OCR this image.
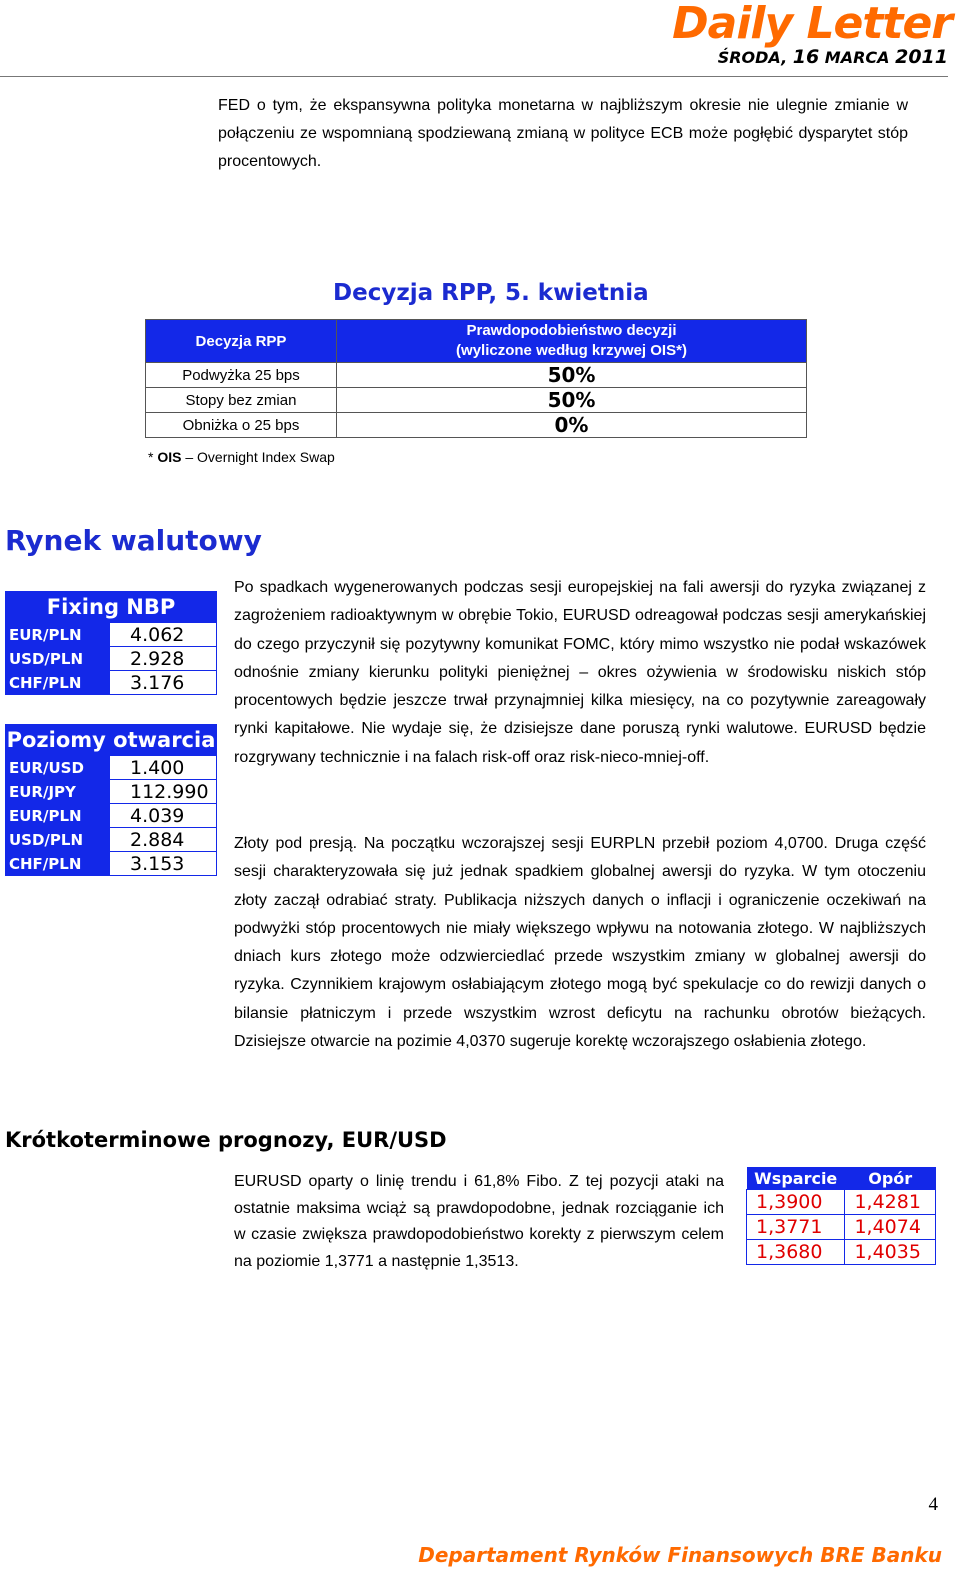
Daily Letter
ŚRODA, 16 MARCA 2011
FED o tym, że ekspansywna polityka monetarna w najbliższym okresie nie ulegnie zmianie w połączeniu ze wspomnianą spodziewaną zmianą w polityce ECB może pogłębić dysparytet stóp procentowych.
Decyzja RPP, 5. kwietnia
Decyzja RPP	Prawdopodobieństwo decyzji
(wyliczone według krzywej OIS*)

Podwyżka 25 bps	50%
Stopy bez zmian	50%
Obniżka o 25 bps	0%
* OIS – Overnight Index Swap
Rynek walutowy
Fixing NBP	
EUR/PLN	4.062
USD/PLN	2.928
CHF/PLN	3.176
Poziomy otwarcia	
EUR/USD	1.400
EUR/JPY	112.990
EUR/PLN	4.039
USD/PLN	2.884
CHF/PLN	3.153
Po spadkach wygenerowanych podczas sesji europejskiej na fali awersji do ryzyka związanej z zagrożeniem radioaktywnym w obrębie Tokio, EURUSD odreagował podczas sesji amerykańskiej do czego przyczynił się pozytywny komunikat FOMC, który mimo wszystko nie podał wskazówek odnośnie zmiany kierunku polityki pieniężnej – okres ożywienia w środowisku niskich stóp procentowych będzie jeszcze trwał przynajmniej kilka miesięcy, na co pozytywnie zareagowały rynki kapitałowe. Nie wydaje się, że dzisiejsze dane poruszą rynki walutowe. EURUSD będzie rozgrywany technicznie i na falach risk-off oraz risk-nieco-mniej-off.
Złoty pod presją. Na początku wczorajszej sesji EURPLN przebił poziom 4,0700. Druga część sesji charakteryzowała się już jednak spadkiem globalnej awersji do ryzyka. W tym otoczeniu złoty zaczął odrabiać straty. Publikacja niższych danych o inflacji i ograniczenie oczekiwań na podwyżki stóp procentowych nie miały większego wpływu na notowania złotego. W najbliższych dniach kurs złotego może odzwierciedlać przede wszystkim zmiany w globalnej awersji do ryzyka. Czynnikiem krajowym osłabiającym złotego mogą być spekulacje co do rewizji danych o bilansie płatniczym i przede wszystkim wzrost deficytu na rachunku obrotów bieżących. Dzisiejsze otwarcie na pozimie 4,0370 sugeruje korektę wczorajszego osłabienia złotego.
Krótkoterminowe prognozy, EUR/USD
EURUSD oparty o linię trendu i 61,8% Fibo. Z tej pozycji ataki na ostatnie maksima wciąż są prawdopodobne, jednak rozciąganie ich w czasie zwiększa prawdopodobieństwo korekty z pierwszym celem na poziomie 1,3771 a następnie 1,3513.
Wsparcie	Opór
1,3900	1,4281
1,3771	1,4074
1,3680	1,4035
4
Departament Rynków Finansowych BRE Banku
